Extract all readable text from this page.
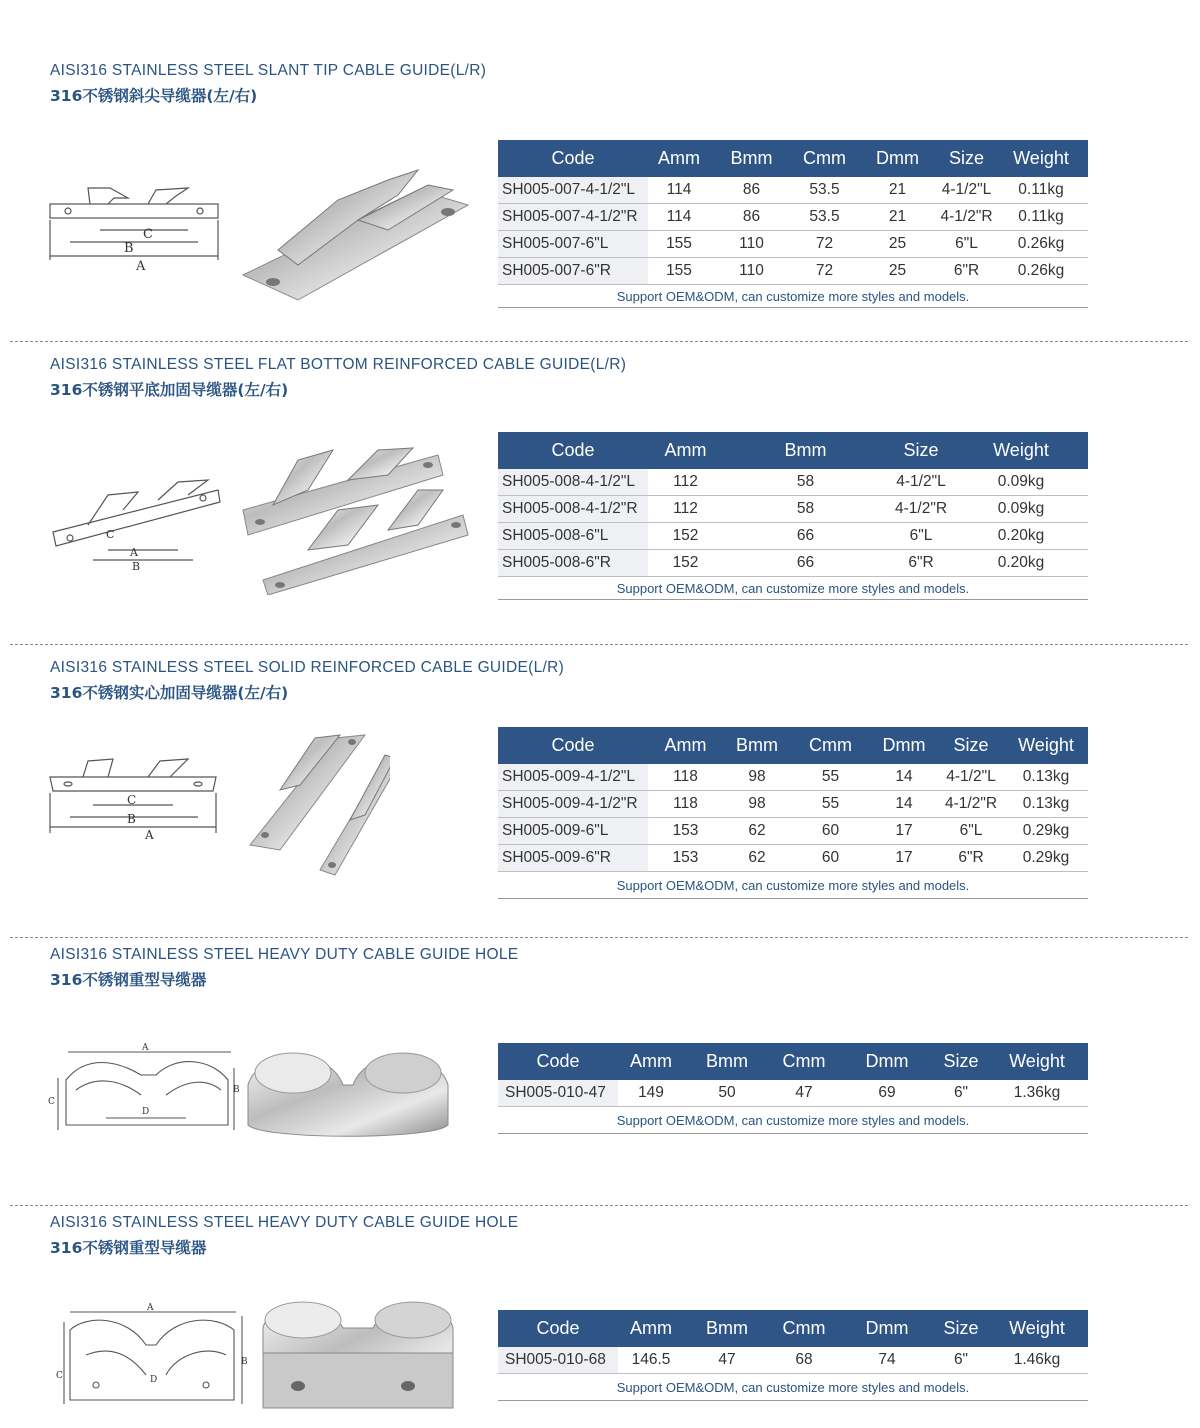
AISI316 STAINLESS STEEL SLANT TIP CABLE GUIDE(L/R)
316不锈钢斜尖导缆器(左/右)
C
B
A
Code	Amm	Bmm	Cmm	Dmm	Size	Weight
SH005-007-4-1/2"L	114	86	53.5	21	4-1/2"L	0.11kg
SH005-007-4-1/2"R	114	86	53.5	21	4-1/2"R	0.11kg
SH005-007-6"L	155	110	72	25	6"L	0.26kg
SH005-007-6"R	155	110	72	25	6"R	0.26kg
Support OEM&ODM, can customize more styles and models.						
AISI316 STAINLESS STEEL FLAT BOTTOM REINFORCED CABLE GUIDE(L/R)
316不锈钢平底加固导缆器(左/右)
C
A
B
Code	Amm	Bmm	Size	Weight
SH005-008-4-1/2"L	112	58	4-1/2"L	0.09kg
SH005-008-4-1/2"R	112	58	4-1/2"R	0.09kg
SH005-008-6"L	152	66	6"L	0.20kg
SH005-008-6"R	152	66	6"R	0.20kg
Support OEM&ODM, can customize more styles and models.				
AISI316 STAINLESS STEEL SOLID REINFORCED CABLE GUIDE(L/R)
316不锈钢实心加固导缆器(左/右)
C
B
A
Code	Amm	Bmm	Cmm	Dmm	Size	Weight
SH005-009-4-1/2"L	118	98	55	14	4-1/2"L	0.13kg
SH005-009-4-1/2"R	118	98	55	14	4-1/2"R	0.13kg
SH005-009-6"L	153	62	60	17	6"L	0.29kg
SH005-009-6"R	153	62	60	17	6"R	0.29kg
Support OEM&ODM, can customize more styles and models.						
AISI316 STAINLESS STEEL HEAVY DUTY CABLE GUIDE HOLE
316不锈钢重型导缆器
A
B
C
D
Code	Amm	Bmm	Cmm	Dmm	Size	Weight
SH005-010-47	149	50	47	69	6"	1.36kg
Support OEM&ODM, can customize more styles and models.						
AISI316 STAINLESS STEEL HEAVY DUTY CABLE GUIDE HOLE
316不锈钢重型导缆器
A
B
C	D
Code	Amm	Bmm	Cmm	Dmm	Size	Weight
SH005-010-68	146.5	47	68	74	6"	1.46kg
Support OEM&ODM, can customize more styles and models.						
